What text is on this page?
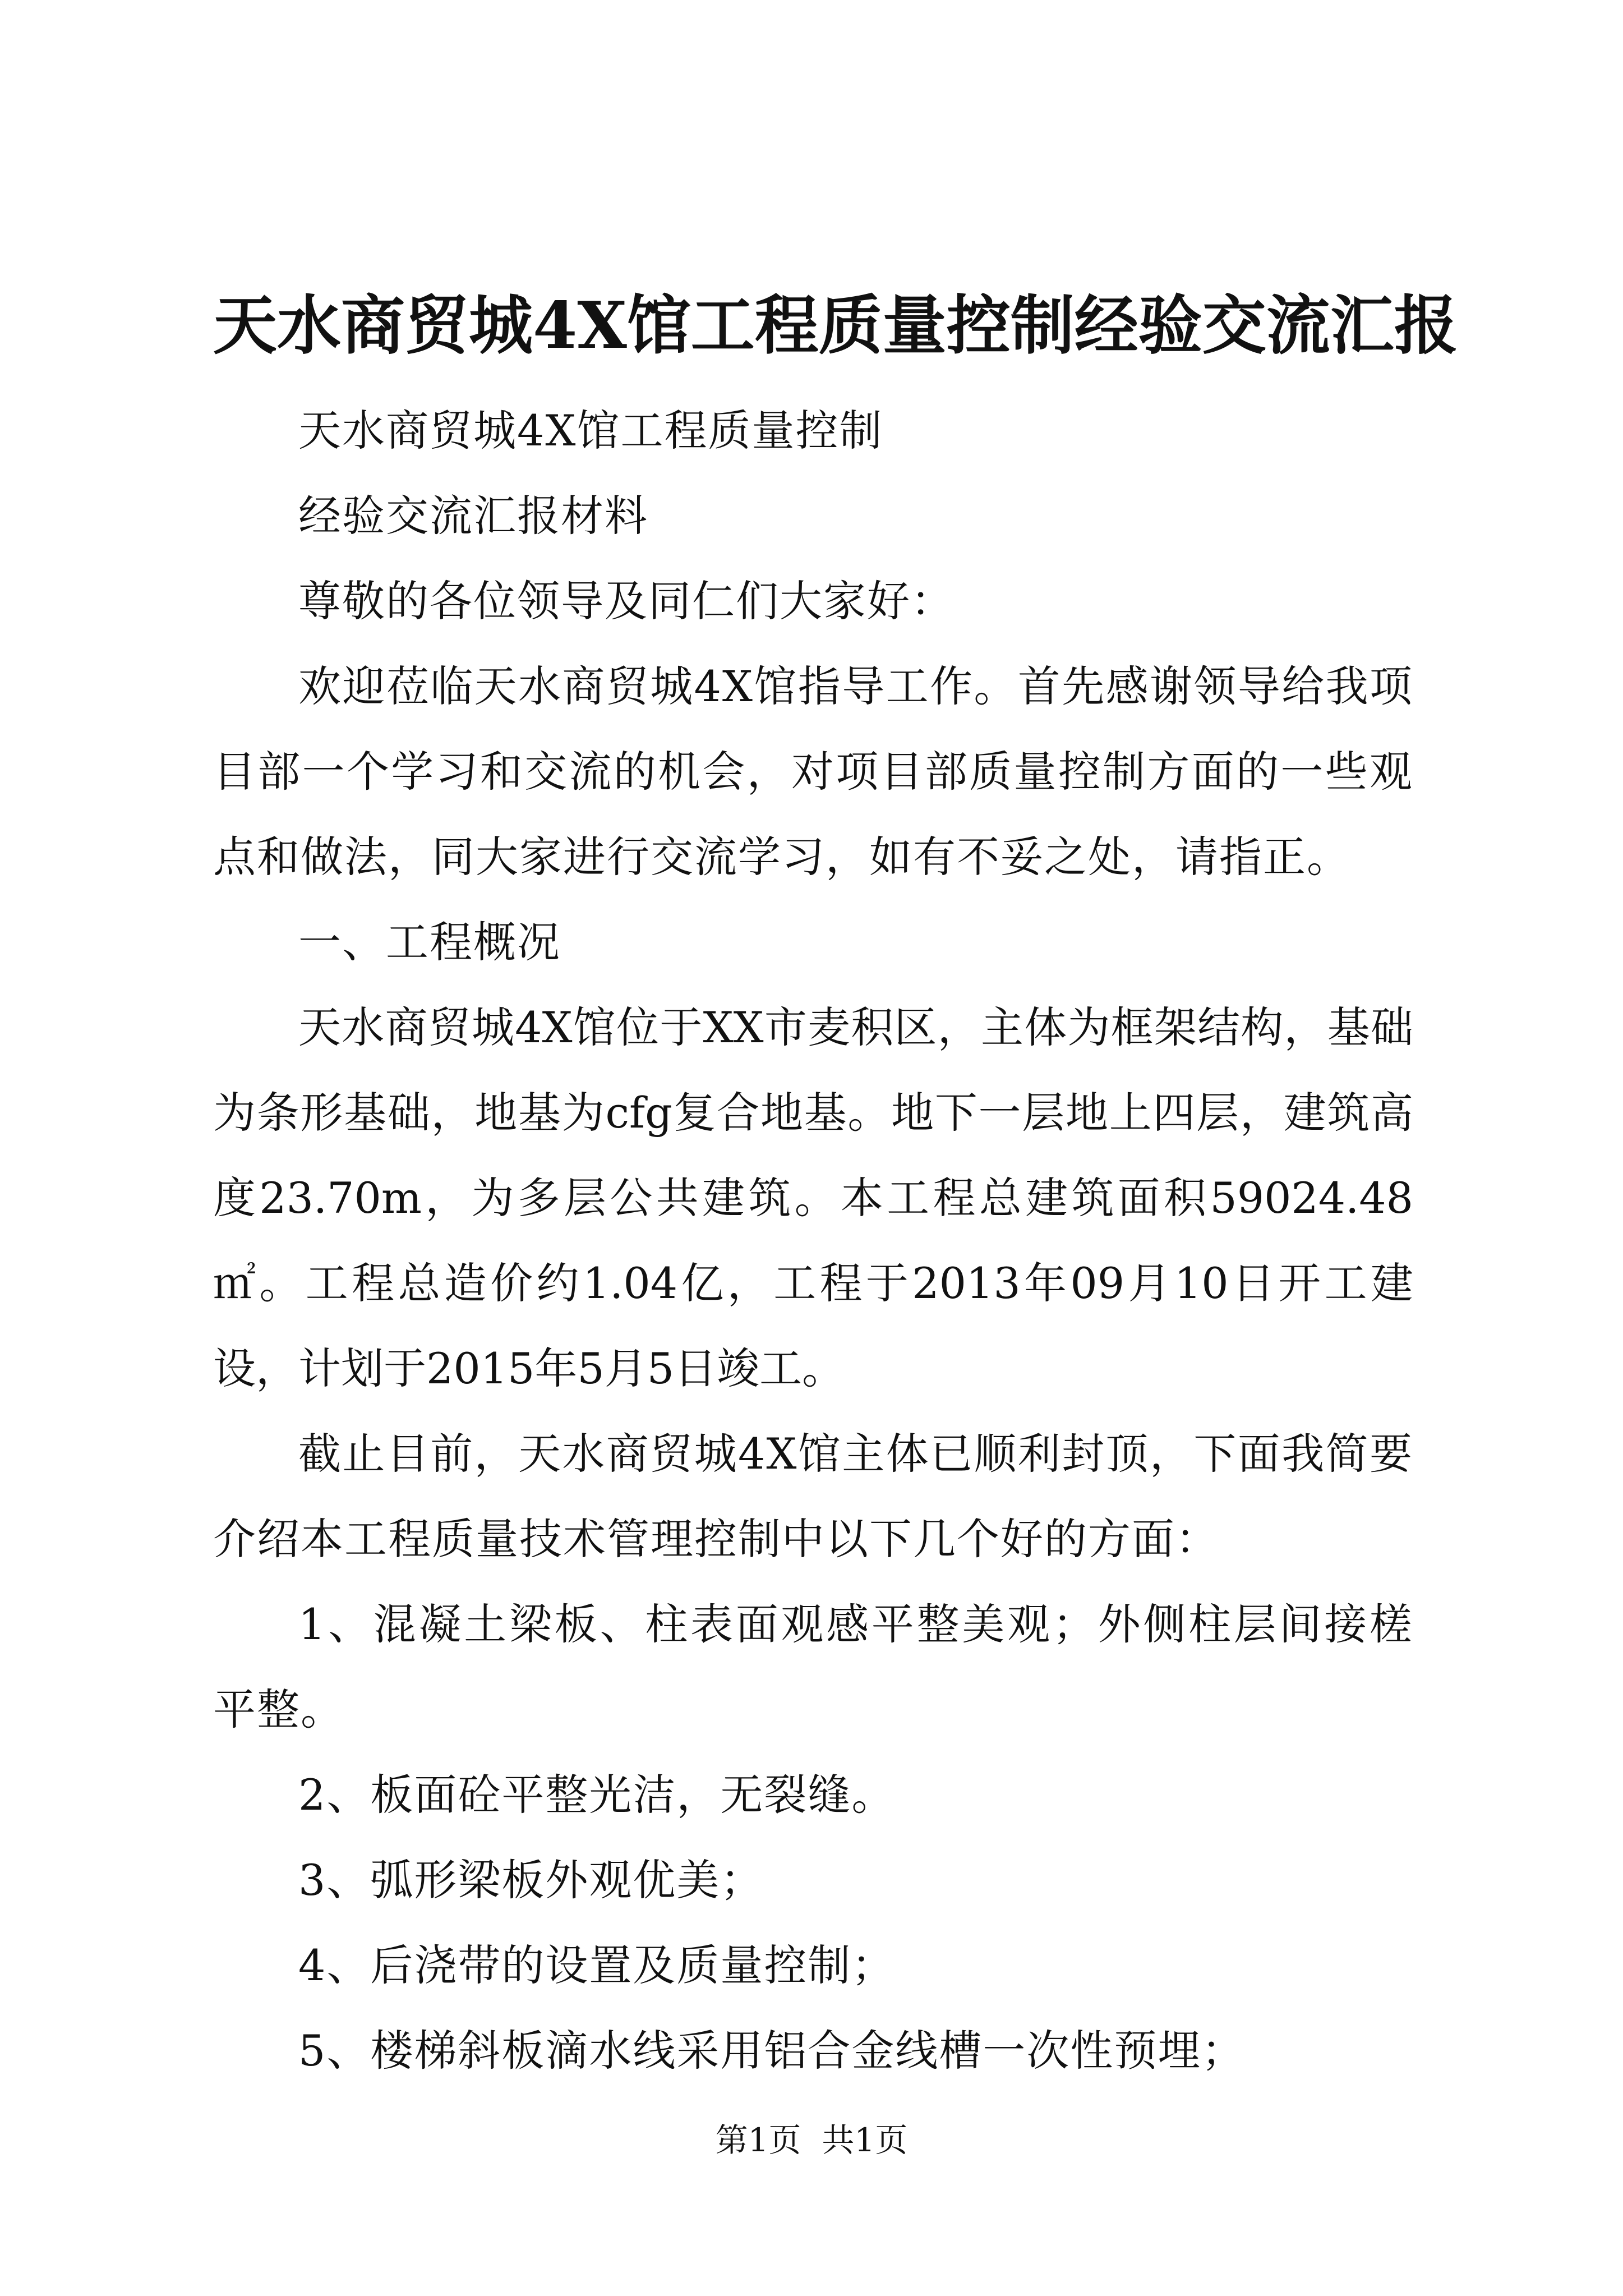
天水商贸城4X馆工程质量控制经验交流汇报

天水商贸城4X馆工程质量控制

经验交流汇报材料

尊敬的各位领导及同仁们大家好：

欢迎莅临天水商贸城4X馆指导工作。首先感谢领导给我项目部一个学习和交流的机会，对项目部质量控制方面的一些观点和做法，同大家进行交流学习，如有不妥之处，请指正。

一、工程概况

天水商贸城4X馆位于XX市麦积区，主体为框架结构，基础为条形基础，地基为cfg复合地基。地下一层地上四层，建筑高度23.70m，为多层公共建筑。本工程总建筑面积59024.48㎡。工程总造价约1.04亿，工程于2013年09月10日开工建设，计划于2015年5月5日竣工。

截止目前，天水商贸城4X馆主体已顺利封顶，下面我简要介绍本工程质量技术管理控制中以下几个好的方面：

1、混凝土梁板、柱表面观感平整美观；外侧柱层间接槎平整。

2、板面砼平整光洁，无裂缝。

3、弧形梁板外观优美；

4、后浇带的设置及质量控制；

5、楼梯斜板滴水线采用铝合金线槽一次性预埋；

第1页  共1页
